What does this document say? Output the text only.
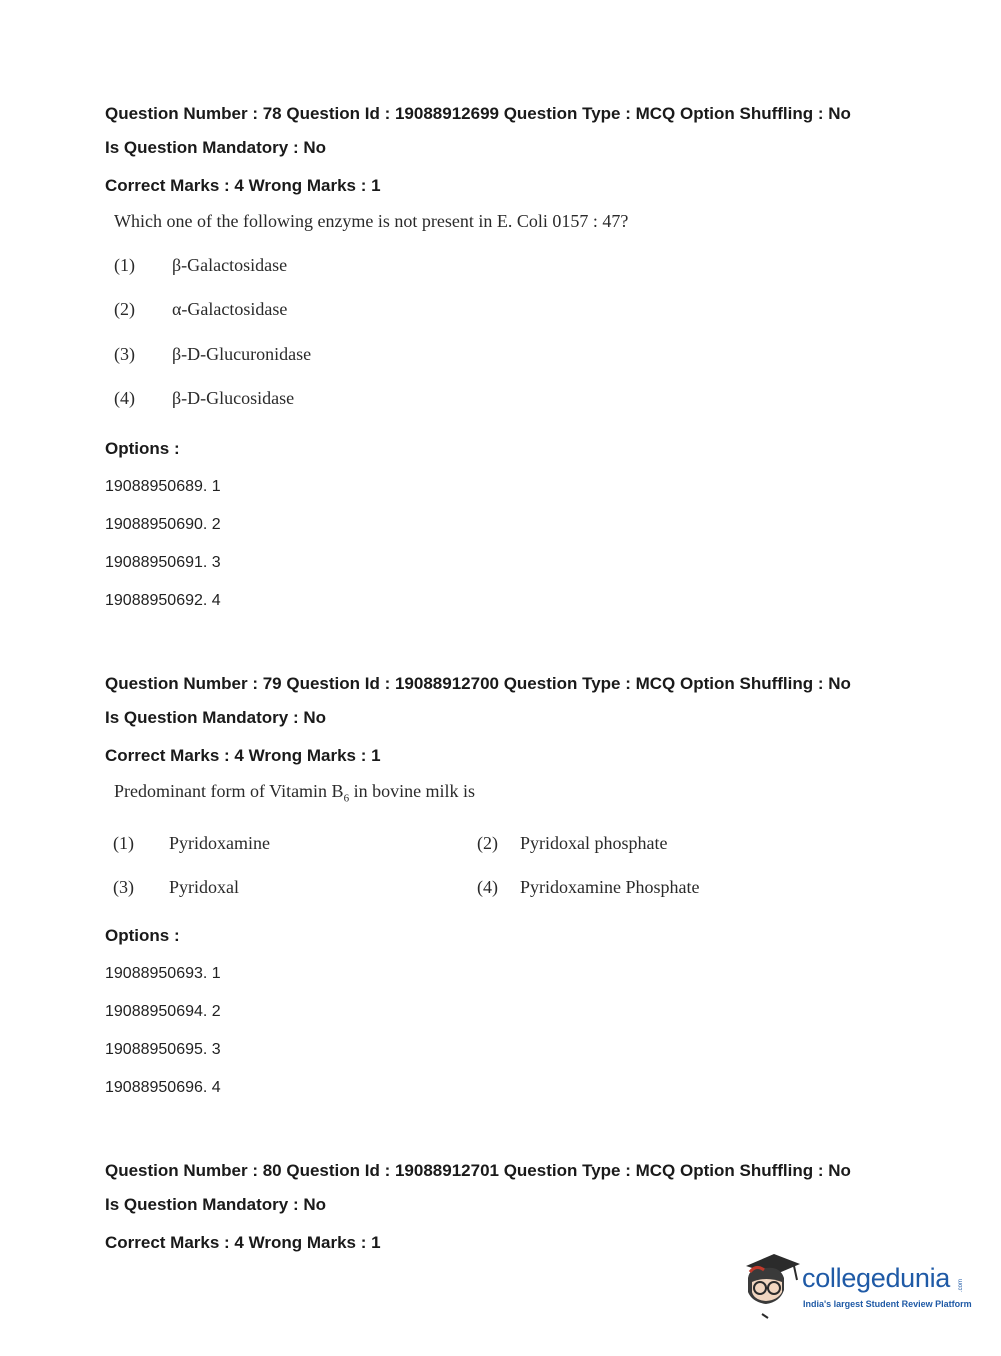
Question Number : 78 Question Id : 19088912699 Question Type : MCQ Option Shuffling : No
Is Question Mandatory : No
Correct Marks : 4 Wrong Marks : 1
Which one of the following enzyme is not present in E. Coli 0157 : 47?
(1) β-Galactosidase
(2) α-Galactosidase
(3) β-D-Glucuronidase
(4) β-D-Glucosidase
Options :
19088950689. 1
19088950690. 2
19088950691. 3
19088950692. 4
Question Number : 79 Question Id : 19088912700 Question Type : MCQ Option Shuffling : No
Is Question Mandatory : No
Correct Marks : 4 Wrong Marks : 1
Predominant form of Vitamin $B_6$ in bovine milk is
(1) Pyridoxamine	(2) Pyridoxal phosphate
(3) Pyridoxal	(4) Pyridoxamine Phosphate
Options :
19088950693. 1
19088950694. 2
19088950695. 3
19088950696. 4
Question Number : 80 Question Id : 19088912701 Question Type : MCQ Option Shuffling : No
Is Question Mandatory : No
Correct Marks : 4 Wrong Marks : 1
collegedunia .com
India's largest Student Review Platform
